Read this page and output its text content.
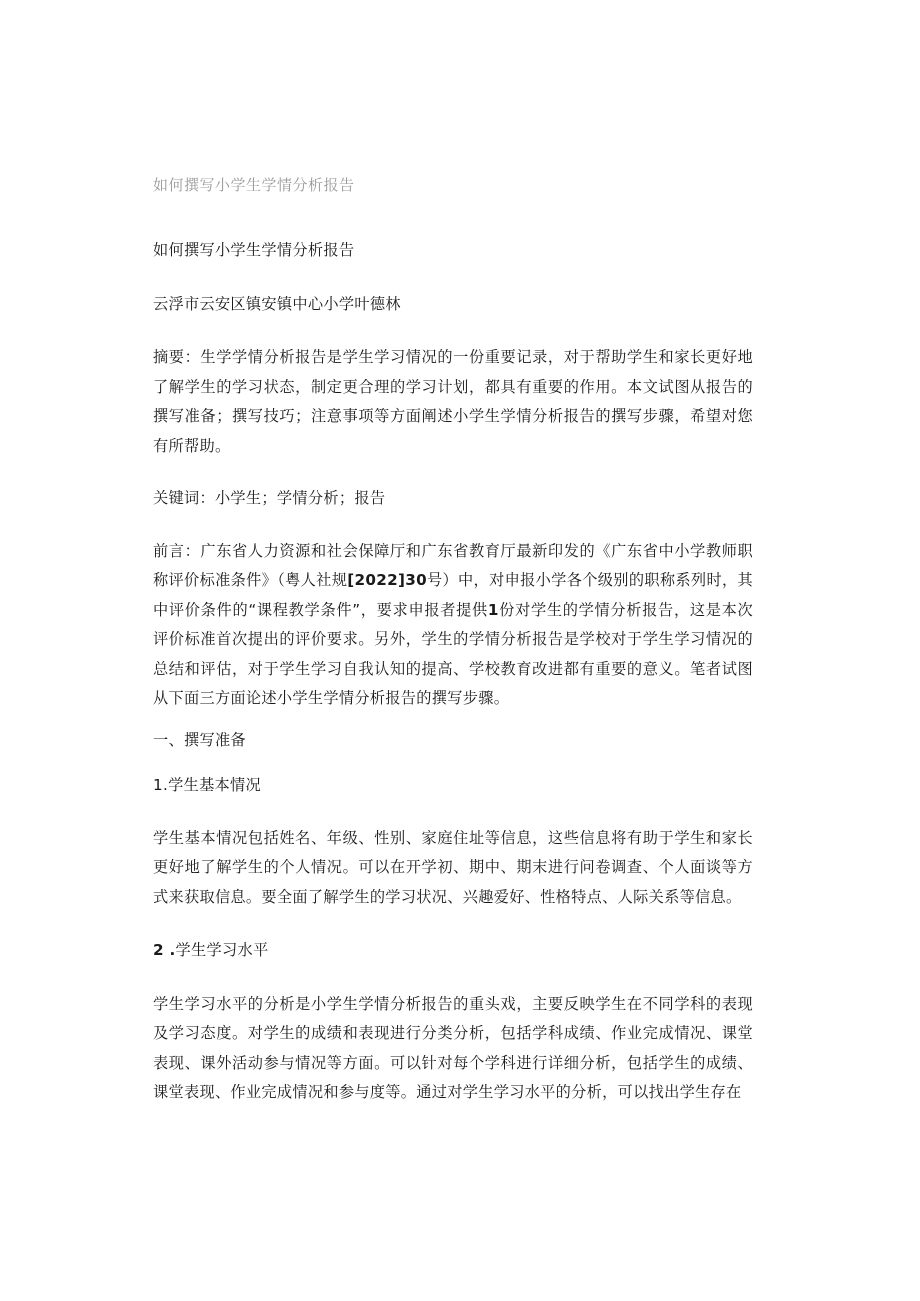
如何撰写小学生学情分析报告

如何撰写小学生学情分析报告

云浮市云安区镇安镇中心小学叶德林

摘要：生学学情分析报告是学生学习情况的一份重要记录，对于帮助学生和家长更好地了解学生的学习状态，制定更合理的学习计划，都具有重要的作用。本文试图从报告的撰写准备；撰写技巧；注意事项等方面阐述小学生学情分析报告的撰写步骤，希望对您有所帮助。

关键词：小学生；学情分析；报告

前言：广东省人力资源和社会保障厅和广东省教育厅最新印发的《广东省中小学教师职称评价标准条件》（粤人社规[2022]30号）中，对申报小学各个级别的职称系列时，其中评价条件的“课程教学条件”，要求申报者提供1份对学生的学情分析报告，这是本次评价标准首次提出的评价要求。另外，学生的学情分析报告是学校对于学生学习情况的总结和评估，对于学生学习自我认知的提高、学校教育改进都有重要的意义。笔者试图从下面三方面论述小学生学情分析报告的撰写步骤。

一、撰写准备

1.学生基本情况

学生基本情况包括姓名、年级、性别、家庭住址等信息，这些信息将有助于学生和家长更好地了解学生的个人情况。可以在开学初、期中、期末进行问卷调查、个人面谈等方式来获取信息。要全面了解学生的学习状况、兴趣爱好、性格特点、人际关系等信息。

2 .学生学习水平

学生学习水平的分析是小学生学情分析报告的重头戏，主要反映学生在不同学科的表现及学习态度。对学生的成绩和表现进行分类分析，包括学科成绩、作业完成情况、课堂表现、课外活动参与情况等方面。可以针对每个学科进行详细分析，包括学生的成绩、课堂表现、作业完成情况和参与度等。通过对学生学习水平的分析，可以找出学生存在
